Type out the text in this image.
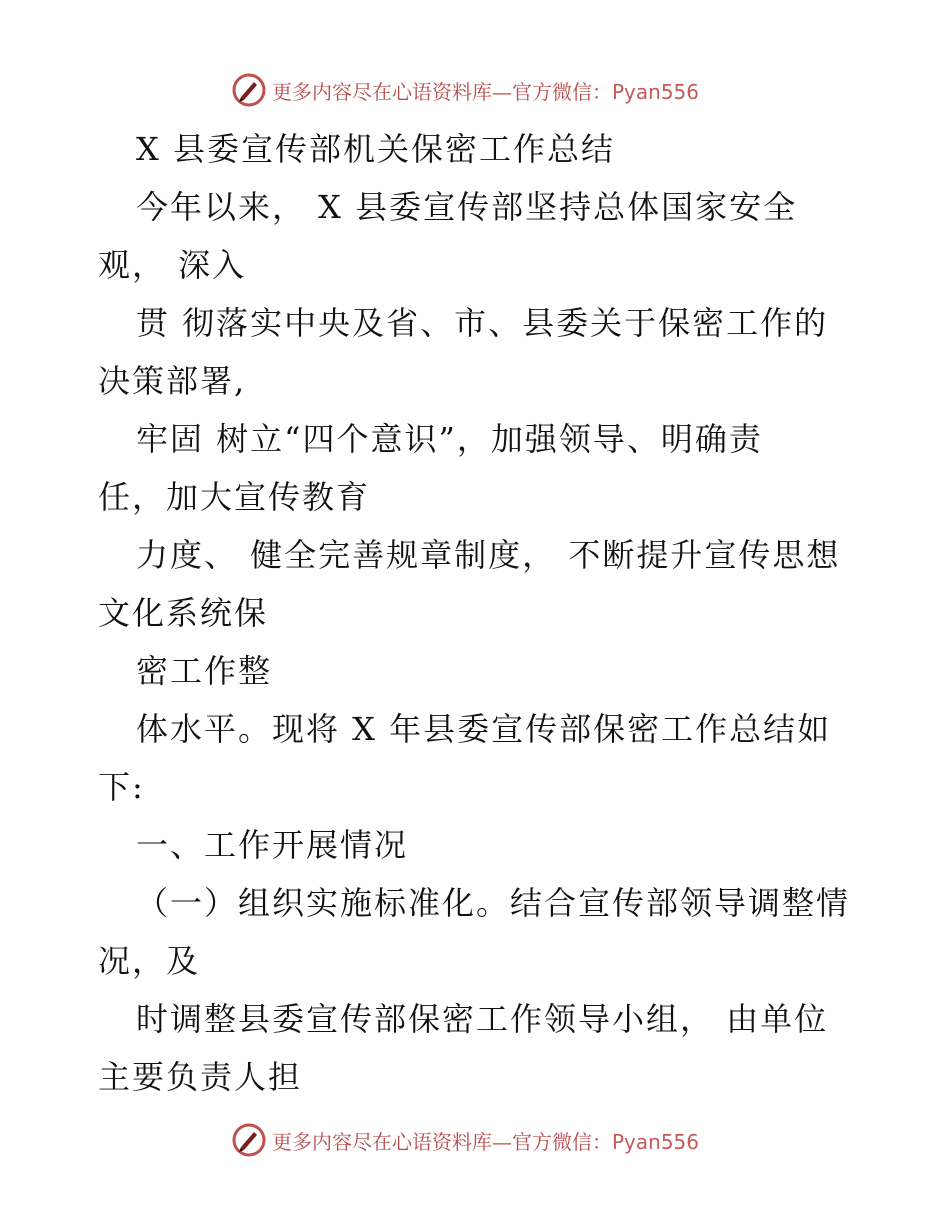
更多内容尽在心语资料库—官方微信：Pyan556
X 县委宣传部机关保密工作总结
今年以来， X 县委宣传部坚持总体国家安全
观， 深入
贯 彻落实中央及省、市、县委关于保密工作的
决策部署,
牢固 树立“四个意识”，加强领导、明确责
任，加大宣传教育
力度、 健全完善规章制度， 不断提升宣传思想
文化系统保
密工作整
体水平。现将 X 年县委宣传部保密工作总结如
下:
一、工作开展情况
（一）组织实施标准化。结合宣传部领导调整情
况，及
时调整县委宣传部保密工作领导小组， 由单位
主要负责人担
更多内容尽在心语资料库—官方微信：Pyan556
